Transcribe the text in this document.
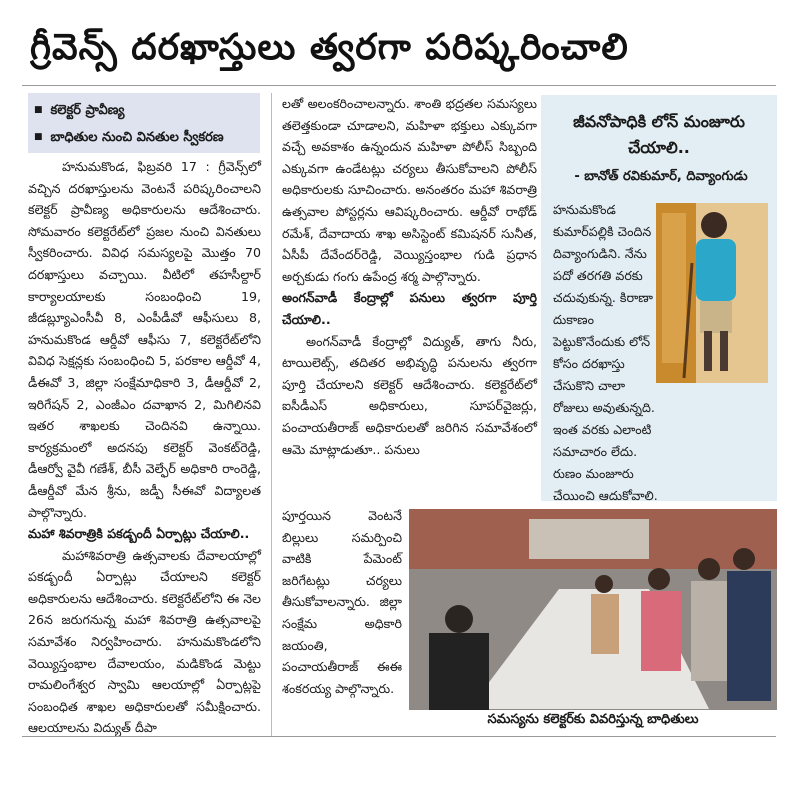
గ్రీవెన్స్ దరఖాస్తులు త్వరగా పరిష్కరించాలి
■ కలెక్టర్ ప్రావీణ్య
■ బాధితుల నుంచి వినతుల స్వీకరణ

హనుమకొండ, ఫిబ్రవరి 17 : గ్రీవెన్స్‌లో వచ్చిన దరఖాస్తులను వెంటనే పరిష్కరించాలని కలెక్టర్ ప్రావీణ్య అధికారులను ఆదేశించారు. సోమవారం కలెక్టరేట్‌లో ప్రజల నుంచి వినతులు స్వీకరించారు. వివిధ సమస్యలపై మొత్తం 70 దరఖాస్తులు వచ్చాయి. వీటిలో తహసీల్దార్ కార్యాలయాలకు సంబంధించి 19, జీడబ్ల్యూఎంసీవీ 8, ఎంపీడీవో ఆఫీసులు 8, హనుమకొండ ఆర్డీవో ఆఫీసు 7, కలెక్టరేట్‌లోని వివిధ సెక్షన్లకు సంబంధించి 5, పరకాల ఆర్డీవో 4, డీఈవో 3, జిల్లా సంక్షేమాధికారి 3, డీఆర్డీవో 2, ఇరిగేషన్ 2, ఎంజీఎం దవాఖాన 2, మిగిలినవి ఇతర శాఖలకు చెందినవి ఉన్నాయి. కార్యక్రమంలో అదనపు కలెక్టర్ వెంకట్‌రెడ్డి, డీఆర్వో వైవీ గణేశ్, బీసీ వెల్ఫేర్ అధికారి రాంరెడ్డి, డీఆర్డీవో మేన శ్రీను, జడ్పీ సీఈవో విద్యాలత పాల్గొన్నారు.

మహా శివరాత్రికి పకడ్బందీ ఏర్పాట్లు చేయాలి..

మహాశివరాత్రి ఉత్సవాలకు దేవాలయాల్లో పకడ్బందీ ఏర్పాట్లు చేయాలని కలెక్టర్ అధికారులను ఆదేశించారు. కలెక్టరేట్‌లోని ఈ నెల 26న జరుగనున్న మహా శివరాత్రి ఉత్సవాలపై సమావేశం నిర్వహించారు. హనుమకొండలోని వెయ్యిస్తంభాల దేవాలయం, మడికొండ మెట్టు రామలింగేశ్వర స్వామి ఆలయాల్లో ఏర్పాట్లపై సంబంధిత శాఖల అధికారులతో సమీక్షించారు. ఆలయాలను విద్యుత్ దీపా

లతో అలంకరించాలన్నారు. శాంతి భద్రతల సమస్యలు తలెత్తకుండా చూడాలని, మహిళా భక్తులు ఎక్కువగా వచ్చే అవకాశం ఉన్నందున మహిళా పోలీస్ సిబ్బంది ఎక్కువగా ఉండేటట్లు చర్యలు తీసుకోవాలని పోలీస్ అధికారులకు సూచించారు. అనంతరం మహా శివరాత్రి ఉత్సవాల పోస్టర్లను ఆవిష్కరించారు. ఆర్డీవో రాథోడ్ రమేశ్, దేవాదాయ శాఖ అసిస్టెంట్ కమిషనర్ సునీత, ఏసీపీ దేవేందర్‌రెడ్డి, వెయ్యిస్తంభాల గుడి ప్రధాన అర్చకుడు గంగు ఉపేంద్ర శర్మ పాల్గొన్నారు.

అంగన్‌వాడీ కేంద్రాల్లో పనులు త్వరగా పూర్తి చేయాలి..

అంగన్‌వాడీ కేంద్రాల్లో విద్యుత్, తాగు నీరు, టాయిలెట్స్, తదితర అభివృద్ధి పనులను త్వరగా పూర్తి చేయాలని కలెక్టర్ ఆదేశించారు. కలెక్టరేట్‌లో ఐసీడీఎస్ అధికారులు, సూపర్‌వైజర్లు, పంచాయతీరాజ్ అధికారులతో జరిగిన సమావేశంలో ఆమె మాట్లాడుతూ.. పనులు

పూర్తయిన వెంటనే బిల్లులు సమర్పించి వాటికి పేమెంట్ జరిగేటట్లు చర్యలు తీసుకోవాలన్నారు. జిల్లా సంక్షేమ అధికారి జయంతి, పంచాయతీరాజ్ ఈఈ శంకరయ్య పాల్గొన్నారు.

జీవనోపాధికి లోన్ మంజూరు చేయాలి..
- బానోత్ రవికుమార్, దివ్యాంగుడు
హనుమకొండ కుమార్‌పల్లికి చెందిన దివ్యాంగుడిని. నేను పదో తరగతి వరకు చదువుకున్న. కిరాణా దుకాణం పెట్టుకొనేందుకు లోన్ కోసం దరఖాస్తు చేసుకొని చాలా రోజులు అవుతున్నది. ఇంత వరకు ఎలాంటి సమాచారం లేదు. రుణం మంజూరు చేయించి ఆదుకోవాలి.
సమస్యను కలెక్టర్‌కు వివరిస్తున్న బాధితులు
